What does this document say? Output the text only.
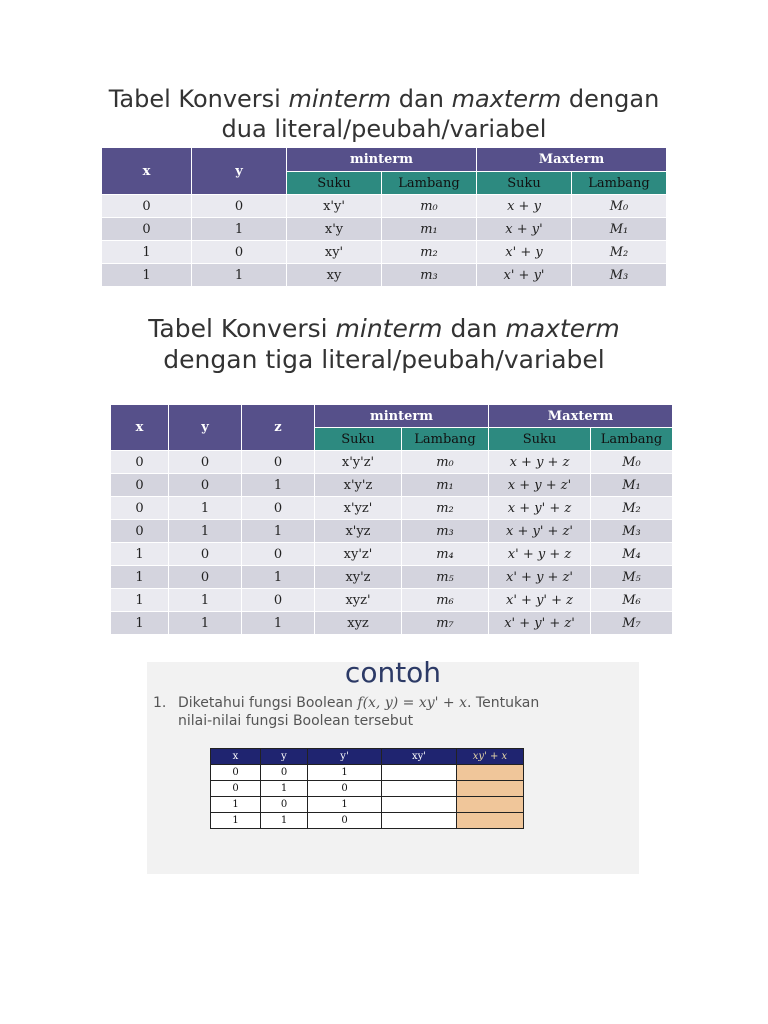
Tabel Konversi minterm dan maxterm dengan
dua literal/peubah/variabel
x	y	minterm		Maxterm	
		Suku	Lambang	Suku	Lambang
0	0	x'y'	m₀	x + y	M₀
0	1	x'y	m₁	x + y'	M₁
1	0	xy'	m₂	x' + y	M₂
1	1	xy	m₃	x' + y'	M₃
Tabel Konversi minterm dan maxterm
dengan tiga literal/peubah/variabel
x	y	z	minterm		Maxterm	
			Suku	Lambang	Suku	Lambang
0	0	0	x'y'z'	m₀	x + y + z	M₀
0	0	1	x'y'z	m₁	x + y + z'	M₁
0	1	0	x'yz'	m₂	x + y' + z	M₂
0	1	1	x'yz	m₃	x + y' + z'	M₃
1	0	0	xy'z'	m₄	x' + y + z	M₄
1	0	1	xy'z	m₅	x' + y + z'	M₅
1	1	0	xyz'	m₆	x' + y' + z	M₆
1	1	1	xyz	m₇	x' + y' + z'	M₇
contoh
1. Diketahui fungsi Boolean f(x, y) = xy' + x. Tentukan
nilai-nilai fungsi Boolean tersebut
x	y	y'	xy'	xy' + x
0	0	1		
0	1	0		
1	0	1		
1	1	0		
